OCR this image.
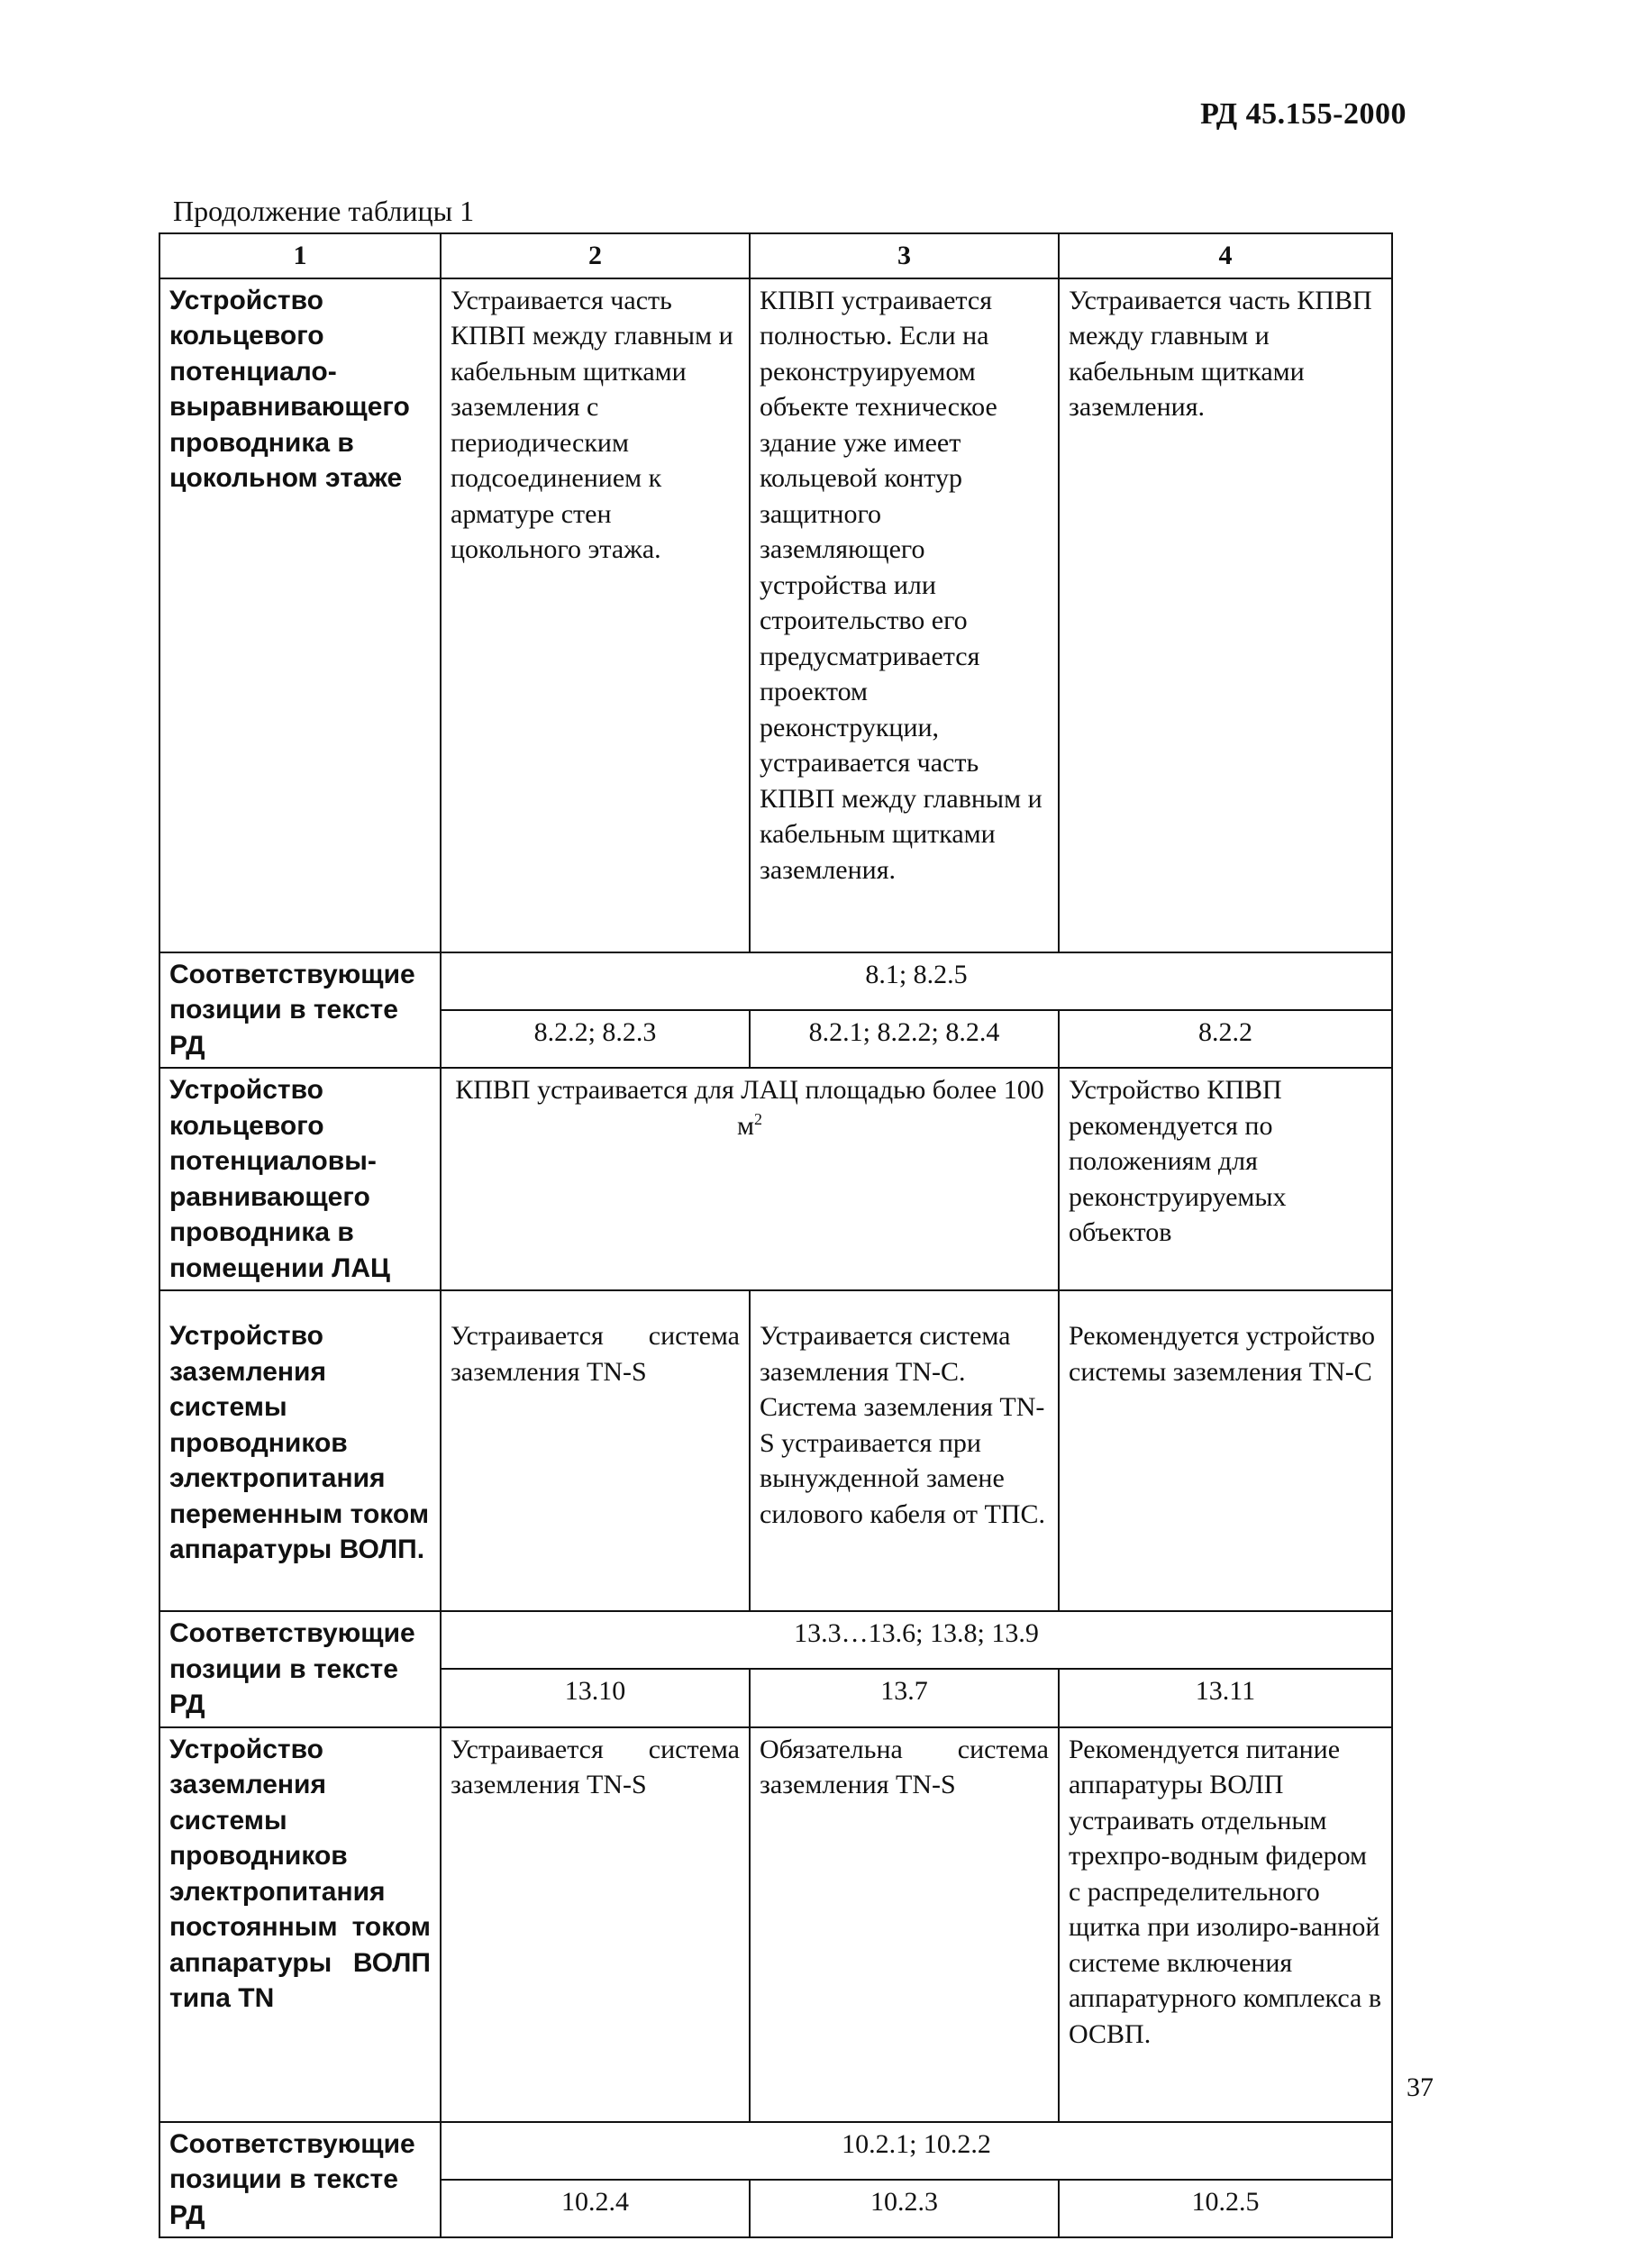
РД 45.155-2000
Продолжение таблицы 1
1	2	3	4
Устройство кольцевого потенциало-выравнивающего проводника в цокольном этаже	Устраивается часть КПВП между главным и кабельным щитками заземления с периодическим подсоединением к арматуре стен цокольного этажа.	КПВП устраивается полностью. Если на реконструируемом объекте техническое здание уже имеет кольцевой контур защитного заземляющего устройства или строительство его предусматривается проектом реконструкции, устраивается часть КПВП между главным и кабельным щитками заземления.	Устраивается часть КПВП между главным и кабельным щитками заземления.
Соответствующие позиции в тексте РД	8.1; 8.2.5		
	8.2.2; 8.2.3	8.2.1; 8.2.2; 8.2.4	8.2.2
Устройство кольцевого потенциаловы-равнивающего проводника в помещении ЛАЦ	КПВП устраивается для ЛАЦ площадью более 100 $м^2$		Устройство КПВП рекомендуется по положениям для реконструируемых объектов
Устройство заземления системы проводников электропитания переменным током аппаратуры ВОЛП.	Устраивается система заземления TN-S	Устраивается система заземления TN-C. Система заземления TN-S устраивается при вынужденной замене силового кабеля от ТПС.	Рекомендуется устройство системы заземления TN-C
Соответствующие позиции в тексте РД	13.3…13.6; 13.8; 13.9		
	13.10	13.7	13.11
Устройство заземления системы проводников электропитания постоянным током аппаратуры ВОЛП типа TN	Устраивается система заземления TN-S	Обязательна система заземления TN-S	Рекомендуется питание аппаратуры ВОЛП устраивать отдельным трехпро-водным фидером с распределительного щитка при изолиро-ванной системе включения аппаратурного комплекса в ОСВП.
Соответствующие позиции в тексте РД	10.2.1; 10.2.2		
	10.2.4	10.2.3	10.2.5
37
